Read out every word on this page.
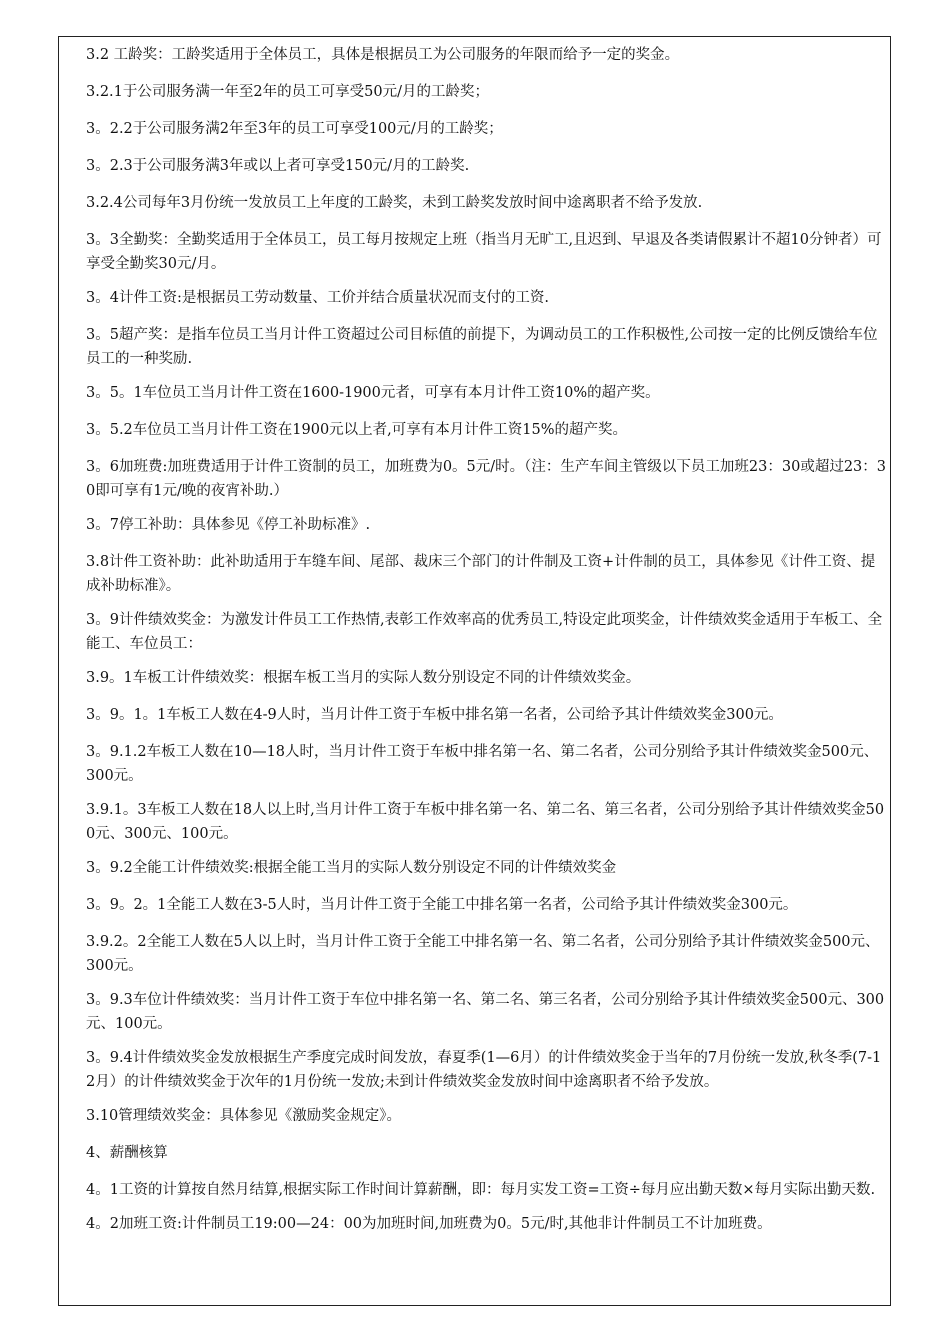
3.2 工龄奖：工龄奖适用于全体员工，具体是根据员工为公司服务的年限而给予一定的奖金。

3.2.1于公司服务满一年至2年的员工可享受50元/月的工龄奖；

3。2.2于公司服务满2年至3年的员工可享受100元/月的工龄奖；

3。2.3于公司服务满3年或以上者可享受150元/月的工龄奖.

3.2.4公司每年3月份统一发放员工上年度的工龄奖，未到工龄奖发放时间中途离职者不给予发放.

3。3全勤奖：全勤奖适用于全体员工，员工每月按规定上班（指当月无旷工,且迟到、早退及各类请假累计不超10分钟者）可享受全勤奖30元/月。

3。4计件工资:是根据员工劳动数量、工价并结合质量状况而支付的工资.

3。5超产奖：是指车位员工当月计件工资超过公司目标值的前提下，为调动员工的工作积极性,公司按一定的比例反馈给车位员工的一种奖励.

3。5。1车位员工当月计件工资在1600-1900元者，可享有本月计件工资10%的超产奖。

3。5.2车位员工当月计件工资在1900元以上者,可享有本月计件工资15%的超产奖。

3。6加班费:加班费适用于计件工资制的员工，加班费为0。5元/时。（注：生产车间主管级以下员工加班23：30或超过23：30即可享有1元/晚的夜宵补助.）

3。7停工补助：具体参见《停工补助标准》.

3.8计件工资补助：此补助适用于车缝车间、尾部、裁床三个部门的计件制及工资+计件制的员工，具体参见《计件工资、提成补助标准》。

3。9计件绩效奖金：为激发计件员工工作热情,表彰工作效率高的优秀员工,特设定此项奖金，计件绩效奖金适用于车板工、全能工、车位员工：

3.9。1车板工计件绩效奖：根据车板工当月的实际人数分别设定不同的计件绩效奖金。

3。9。1。1车板工人数在4-9人时，当月计件工资于车板中排名第一名者，公司给予其计件绩效奖金300元。

3。9.1.2车板工人数在10—18人时，当月计件工资于车板中排名第一名、第二名者，公司分别给予其计件绩效奖金500元、300元。

3.9.1。3车板工人数在18人以上时,当月计件工资于车板中排名第一名、第二名、第三名者，公司分别给予其计件绩效奖金500元、300元、100元。

3。9.2全能工计件绩效奖:根据全能工当月的实际人数分别设定不同的计件绩效奖金

3。9。2。1全能工人数在3-5人时，当月计件工资于全能工中排名第一名者，公司给予其计件绩效奖金300元。

3.9.2。2全能工人数在5人以上时，当月计件工资于全能工中排名第一名、第二名者，公司分别给予其计件绩效奖金500元、300元。

3。9.3车位计件绩效奖：当月计件工资于车位中排名第一名、第二名、第三名者，公司分别给予其计件绩效奖金500元、300元、100元。

3。9.4计件绩效奖金发放根据生产季度完成时间发放，春夏季(1—6月）的计件绩效奖金于当年的7月份统一发放,秋冬季(7-12月）的计件绩效奖金于次年的1月份统一发放;未到计件绩效奖金发放时间中途离职者不给予发放。

3.10管理绩效奖金：具体参见《激励奖金规定》。

4、薪酬核算

4。1工资的计算按自然月结算,根据实际工作时间计算薪酬，即：每月实发工资=工资÷每月应出勤天数×每月实际出勤天数.

4。2加班工资:计件制员工19:00—24：00为加班时间,加班费为0。5元/时,其他非计件制员工不计加班费。
